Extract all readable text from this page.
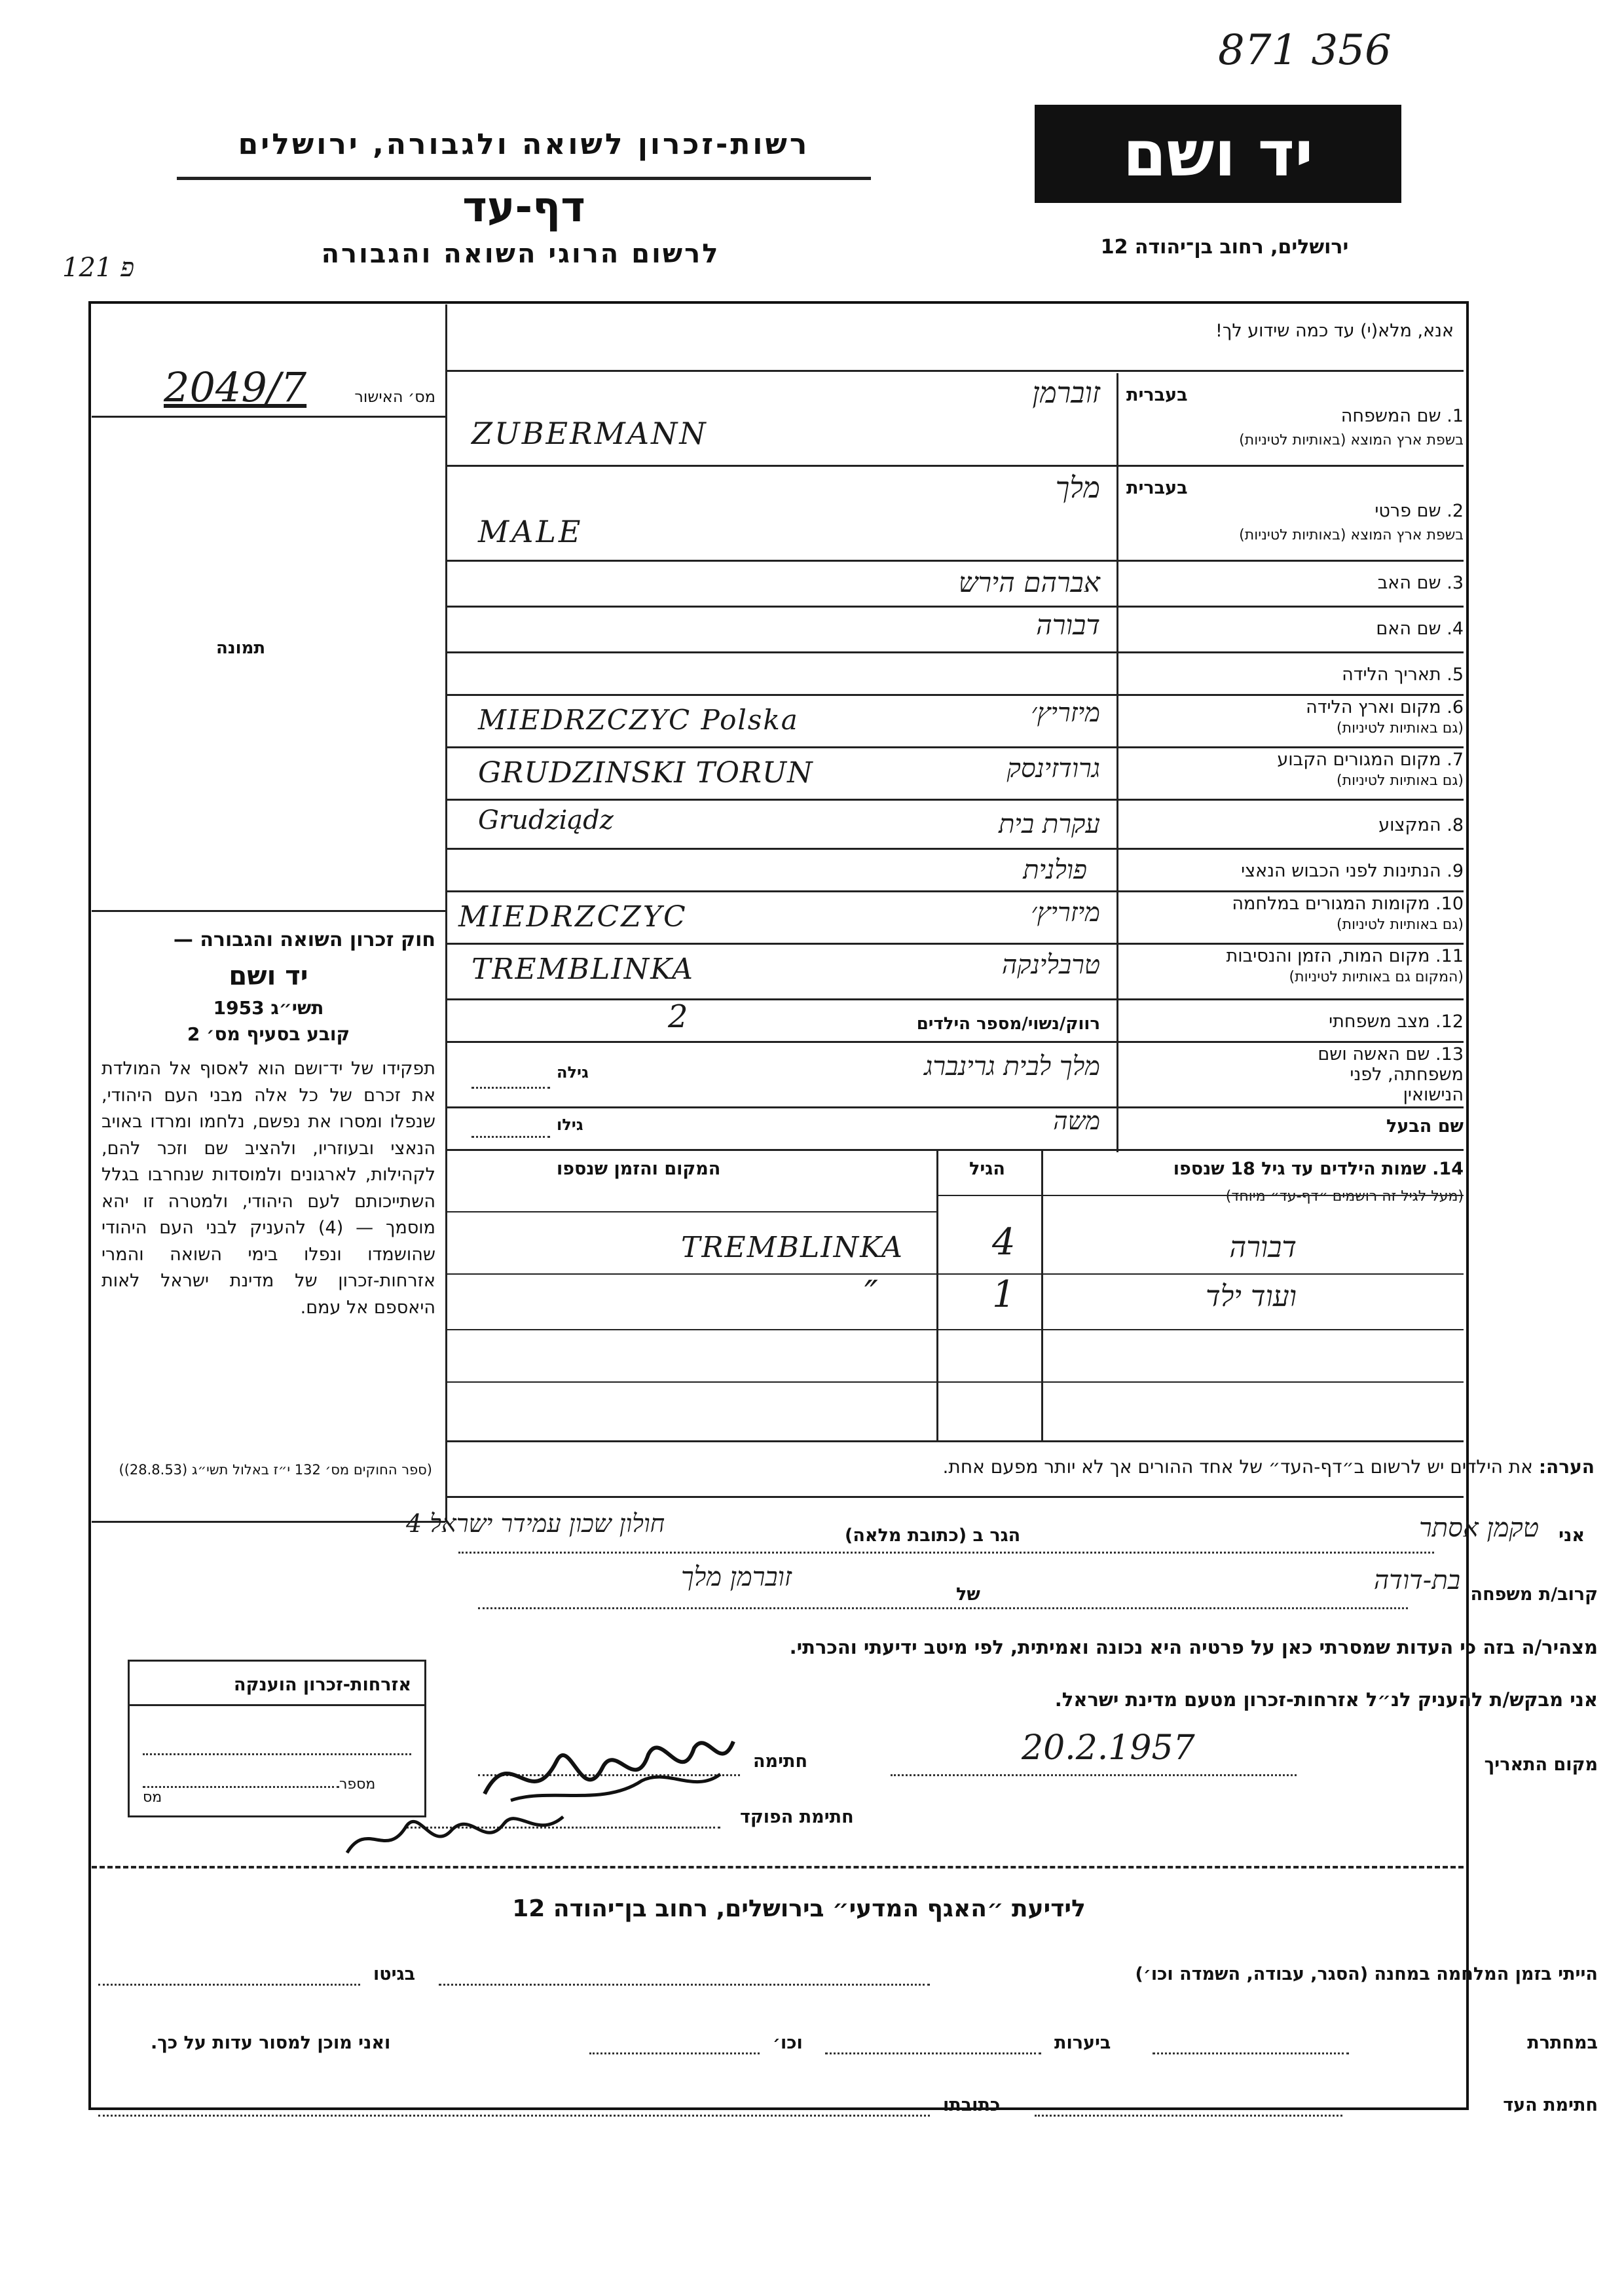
871 356
121 פ
רשות-זכרון לשואה ולגבורה, ירושלים
דף-עד
לרשום הרוגי השואה והגבורה
יד ושם
ירושלים, רחוב בן־יהודה 12
מס׳ האישור
2049/7
תמונה
חוק זכרון השואה והגבורה —
יד ושם
תשי״ג 1953
קובע בסעיף מס׳ 2
תפקידו של יד־ושם הוא לאסוף אל המולדת את זכרם של כל אלה מבני העם היהודי, שנפלו ומסרו את נפשם, נלחמו ומרדו באויב הנאצי ובעוזריו, ולהציב שם וזכר להם, לקהילות, לארגונים ולמוסדות שנחרבו בגלל השתייכותם לעם היהודי, ולמטרה זו יהא מוסמך — (4) להעניק לבני העם היהודי שהושמדו ונפלו בימי השואה והמרי אזרחות-זכרון של מדינת ישראל לאות היאספם אל עמם.
(ספר החוקים מס׳ 132 י״ז באלול תשי״ג (28.8.53))
אזרחות-זכרון הוענקה
מספר
מס
אנא, מלא(י) עד כמה שידוע לך!
בעברית
1. שם המשפחה
בשפת ארץ המוצא (באותיות לטיניות)
זוברמן
ZUBERMANN
בעברית
2. שם פרטי
בשפת ארץ המוצא (באותיות לטיניות)
מלך
MALE
3. שם האב
אברהם הירש
4. שם האם
דבורה
5. תאריך הלידה
6. מקום וארץ הלידה
(גם באותיות לטיניות)
מיזריץ׳
MIEDRZCZYC Polska
7. מקום המגורים הקבוע
(גם באותיות לטיניות)
גרודזינסק
GRUDZINSKI TORUN
Grudziądz	8. המקצוע
עקרת בית
9. הנתינות לפני הכבוש הנאצי
פולנית
10. מקומות המגורים במלחמה
(גם באותיות לטיניות)
מיזריץ׳
MIEDRZCZYC
11. מקום המות, הזמן והנסיבות
(המקום גם באותיות לטיניות)
טרבלינקה
TREMBLINKA
12. מצב משפחתי
רווק/נשוי/מספר הילדים
2
13. שם האשה ושם משפחתה, לפני הנישואין
מלך לבית גרינברג
גילה
שם הבעל
משה
גילו
14. שמות הילדים עד גיל 18 שנספו
(מעל לגיל זה רושמים ״דף-עד״ מיוחד)
הגיל
המקום והזמן שנספו
דבורה
4
TREMBLINKA
ועוד ילד
1
″
הערה: את הילדים יש לרשום ב״דף-העד״ של אחד ההורים אך לא יותר מפעם אחת.
אני
טקמן אסתר
הגר ב (כתובת מלאה)
חולון שכון עמידר ישראל 4
קרוב/ת משפחה
בת-דודה
של
זוברמן מלך
מצהיר/ה בזה כי העדות שמסרתי כאן על פרטיה היא נכונה ואמיתית, לפי מיטב ידיעתי והכרתי.
אני מבקש/ת להעניק לנ״ל אזרחות-זכרון מטעם מדינת ישראל.
מקום התאריך
20.2.1957
חתימה
חתימת הפוקד
לידיעת ״האגף המדעי״ בירושלים, רחוב בן־יהודה 12
הייתי בזמן המלחמה במחנה (הסגר, עבודה, השמדה וכו׳)
בגיטו
במחתרת
ביערות
וכו׳
ואני מוכן למסור עדות על כך.
חתימת העד
כתובתו
